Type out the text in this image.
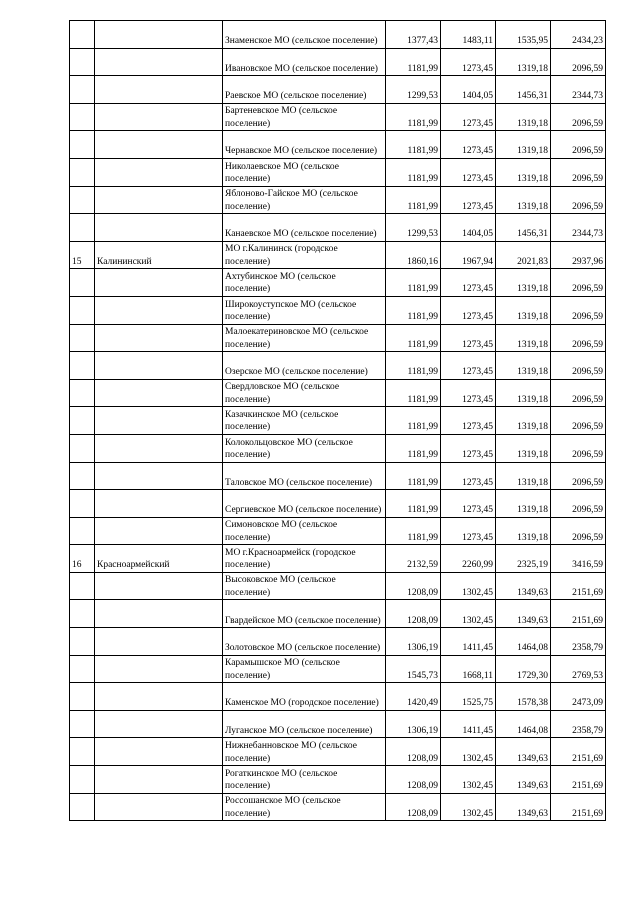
		Знаменское МО (сельское поселение)	1377,43	1483,11	1535,95	2434,23
		Ивановское МО (сельское поселение)	1181,99	1273,45	1319,18	2096,59
		Раевское МО (сельское поселение)	1299,53	1404,05	1456,31	2344,73
		Бартеневское МО (сельское поселение)	1181,99	1273,45	1319,18	2096,59
		Чернавское МО (сельское поселение)	1181,99	1273,45	1319,18	2096,59
		Николаевское МО (сельское поселение)	1181,99	1273,45	1319,18	2096,59
		Яблоново-Гайское МО (сельское поселение)	1181,99	1273,45	1319,18	2096,59
		Канаевское МО (сельское поселение)	1299,53	1404,05	1456,31	2344,73
15	Калининский	МО г.Калининск (городское поселение)	1860,16	1967,94	2021,83	2937,96
		Ахтубинское МО (сельское поселение)	1181,99	1273,45	1319,18	2096,59
		Широкоуступское МО (сельское поселение)	1181,99	1273,45	1319,18	2096,59
		Малоекатериновское МО (сельское поселение)	1181,99	1273,45	1319,18	2096,59
		Озерское МО (сельское поселение)	1181,99	1273,45	1319,18	2096,59
		Свердловское МО (сельское поселение)	1181,99	1273,45	1319,18	2096,59
		Казачкинское МО (сельское поселение)	1181,99	1273,45	1319,18	2096,59
		Колокольцовское МО (сельское поселение)	1181,99	1273,45	1319,18	2096,59
		Таловское МО (сельское поселение)	1181,99	1273,45	1319,18	2096,59
		Сергиевское МО (сельское поселение)	1181,99	1273,45	1319,18	2096,59
		Симоновское МО (сельское поселение)	1181,99	1273,45	1319,18	2096,59
16	Красноармейский	МО г.Красноармейск (городское поселение)	2132,59	2260,99	2325,19	3416,59
		Высоковское МО (сельское поселение)	1208,09	1302,45	1349,63	2151,69
		Гвардейское МО (сельское поселение)	1208,09	1302,45	1349,63	2151,69
		Золотовское МО (сельское поселение)	1306,19	1411,45	1464,08	2358,79
		Карамышское МО (сельское поселение)	1545,73	1668,11	1729,30	2769,53
		Каменское МО (городское поселение)	1420,49	1525,75	1578,38	2473,09
		Луганское МО (сельское поселение)	1306,19	1411,45	1464,08	2358,79
		Нижнебанновское МО (сельское поселение)	1208,09	1302,45	1349,63	2151,69
		Рогаткинское МО (сельское поселение)	1208,09	1302,45	1349,63	2151,69
		Россошанское МО (сельское поселение)	1208,09	1302,45	1349,63	2151,69
